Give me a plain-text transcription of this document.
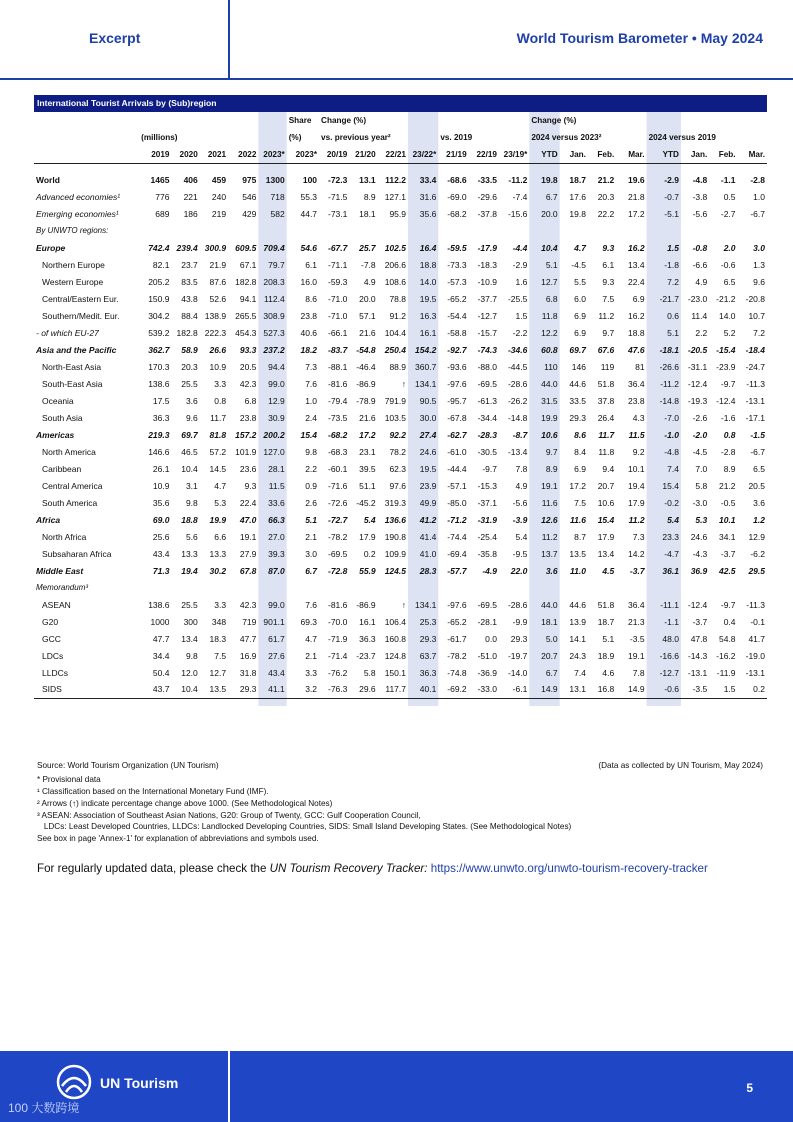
Excerpt	World Tourism Barometer • May 2024
International Tourist Arrivals by (Sub)region
						Share	Change (%)							Change (%)							
	(millions)					(%)	vs. previous year²				vs. 2019			2024 versus 2023²				2024 versus 2019			
	2019	2020	2021	2022	2023*	2023*	20/19	21/20	22/21	23/22*	21/19	22/19	23/19*	YTD	Jan.	Feb.	Mar.	YTD	Jan.	Feb.	Mar.

World	1465	406	459	975	1300	100	-72.3	13.1	112.2	33.4	-68.6	-33.5	-11.2	19.8	18.7	21.2	19.6	-2.9	-4.8	-1.1	-2.8
Advanced economies¹	776	221	240	546	718	55.3	-71.5	8.9	127.1	31.6	-69.0	-29.6	-7.4	6.7	17.6	20.3	21.8	-0.7	-3.8	0.5	1.0
Emerging economies¹	689	186	219	429	582	44.7	-73.1	18.1	95.9	35.6	-68.2	-37.8	-15.6	20.0	19.8	22.2	17.2	-5.1	-5.6	-2.7	-6.7
By UNWTO regions:																					
Europe	742.4	239.4	300.9	609.5	709.4	54.6	-67.7	25.7	102.5	16.4	-59.5	-17.9	-4.4	10.4	4.7	9.3	16.2	1.5	-0.8	2.0	3.0
Northern Europe	82.1	23.7	21.9	67.1	79.7	6.1	-71.1	-7.8	206.6	18.8	-73.3	-18.3	-2.9	5.1	-4.5	6.1	13.4	-1.8	-6.6	-0.6	1.3
Western Europe	205.2	83.5	87.6	182.8	208.3	16.0	-59.3	4.9	108.6	14.0	-57.3	-10.9	1.6	12.7	5.5	9.3	22.4	7.2	4.9	6.5	9.6
Central/Eastern Eur.	150.9	43.8	52.6	94.1	112.4	8.6	-71.0	20.0	78.8	19.5	-65.2	-37.7	-25.5	6.8	6.0	7.5	6.9	-21.7	-23.0	-21.2	-20.8
Southern/Medit. Eur.	304.2	88.4	138.9	265.5	308.9	23.8	-71.0	57.1	91.2	16.3	-54.4	-12.7	1.5	11.8	6.9	11.2	16.2	0.6	11.4	14.0	10.7
- of which EU-27	539.2	182.8	222.3	454.3	527.3	40.6	-66.1	21.6	104.4	16.1	-58.8	-15.7	-2.2	12.2	6.9	9.7	18.8	5.1	2.2	5.2	7.2
Asia and the Pacific	362.7	58.9	26.6	93.3	237.2	18.2	-83.7	-54.8	250.4	154.2	-92.7	-74.3	-34.6	60.8	69.7	67.6	47.6	-18.1	-20.5	-15.4	-18.4
North-East Asia	170.3	20.3	10.9	20.5	94.4	7.3	-88.1	-46.4	88.9	360.7	-93.6	-88.0	-44.5	110	146	119	81	-26.6	-31.1	-23.9	-24.7
South-East Asia	138.6	25.5	3.3	42.3	99.0	7.6	-81.6	-86.9	↑	134.1	-97.6	-69.5	-28.6	44.0	44.6	51.8	36.4	-11.2	-12.4	-9.7	-11.3
Oceania	17.5	3.6	0.8	6.8	12.9	1.0	-79.4	-78.9	791.9	90.5	-95.7	-61.3	-26.2	31.5	33.5	37.8	23.8	-14.8	-19.3	-12.4	-13.1
South Asia	36.3	9.6	11.7	23.8	30.9	2.4	-73.5	21.6	103.5	30.0	-67.8	-34.4	-14.8	19.9	29.3	26.4	4.3	-7.0	-2.6	-1.6	-17.1
Americas	219.3	69.7	81.8	157.2	200.2	15.4	-68.2	17.2	92.2	27.4	-62.7	-28.3	-8.7	10.6	8.6	11.7	11.5	-1.0	-2.0	0.8	-1.5
North America	146.6	46.5	57.2	101.9	127.0	9.8	-68.3	23.1	78.2	24.6	-61.0	-30.5	-13.4	9.7	8.4	11.8	9.2	-4.8	-4.5	-2.8	-6.7
Caribbean	26.1	10.4	14.5	23.6	28.1	2.2	-60.1	39.5	62.3	19.5	-44.4	-9.7	7.8	8.9	6.9	9.4	10.1	7.4	7.0	8.9	6.5
Central America	10.9	3.1	4.7	9.3	11.5	0.9	-71.6	51.1	97.6	23.9	-57.1	-15.3	4.9	19.1	17.2	20.7	19.4	15.4	5.8	21.2	20.5
South America	35.6	9.8	5.3	22.4	33.6	2.6	-72.6	-45.2	319.3	49.9	-85.0	-37.1	-5.6	11.6	7.5	10.6	17.9	-0.2	-3.0	-0.5	3.6
Africa	69.0	18.8	19.9	47.0	66.3	5.1	-72.7	5.4	136.6	41.2	-71.2	-31.9	-3.9	12.6	11.6	15.4	11.2	5.4	5.3	10.1	1.2
North Africa	25.6	5.6	6.6	19.1	27.0	2.1	-78.2	17.9	190.8	41.4	-74.4	-25.4	5.4	11.2	8.7	17.9	7.3	23.3	24.6	34.1	12.9
Subsaharan Africa	43.4	13.3	13.3	27.9	39.3	3.0	-69.5	0.2	109.9	41.0	-69.4	-35.8	-9.5	13.7	13.5	13.4	14.2	-4.7	-4.3	-3.7	-6.2
Middle East	71.3	19.4	30.2	67.8	87.0	6.7	-72.8	55.9	124.5	28.3	-57.7	-4.9	22.0	3.6	11.0	4.5	-3.7	36.1	36.9	42.5	29.5
Memorandum³																					
ASEAN	138.6	25.5	3.3	42.3	99.0	7.6	-81.6	-86.9	↑	134.1	-97.6	-69.5	-28.6	44.0	44.6	51.8	36.4	-11.1	-12.4	-9.7	-11.3
G20	1000	300	348	719	901.1	69.3	-70.0	16.1	106.4	25.3	-65.2	-28.1	-9.9	18.1	13.9	18.7	21.3	-1.1	-3.7	0.4	-0.1
GCC	47.7	13.4	18.3	47.7	61.7	4.7	-71.9	36.3	160.8	29.3	-61.7	0.0	29.3	5.0	14.1	5.1	-3.5	48.0	47.8	54.8	41.7
LDCs	34.4	9.8	7.5	16.9	27.6	2.1	-71.4	-23.7	124.8	63.7	-78.2	-51.0	-19.7	20.7	24.3	18.9	19.1	-16.6	-14.3	-16.2	-19.0
LLDCs	50.4	12.0	12.7	31.8	43.4	3.3	-76.2	5.8	150.1	36.3	-74.8	-36.9	-14.0	6.7	7.4	4.6	7.8	-12.7	-13.1	-11.9	-13.1
SIDS	43.7	10.4	13.5	29.3	41.1	3.2	-76.3	29.6	117.7	40.1	-69.2	-33.0	-6.1	14.9	13.1	16.8	14.9	-0.6	-3.5	1.5	0.2

Source: World Tourism Organization (UN Tourism)	(Data as collected by UN Tourism, May 2024)
* Provisional data
¹ Classification based on the International Monetary Fund (IMF).
² Arrows (↑) indicate percentage change above 1000. (See Methodological Notes)
³ ASEAN: Association of Southeast Asian Nations, G20: Group of Twenty, GCC: Gulf Cooperation Council,
LDCs: Least Developed Countries, LLDCs: Landlocked Developing Countries, SIDS: Small Island Developing States. (See Methodological Notes)
See box in page 'Annex-1' for explanation of abbreviations and symbols used.
For regularly updated data, please check the UN Tourism Recovery Tracker: https://www.unwto.org/unwto-tourism-recovery-tracker
UN Tourism	5
100 大数跨境
